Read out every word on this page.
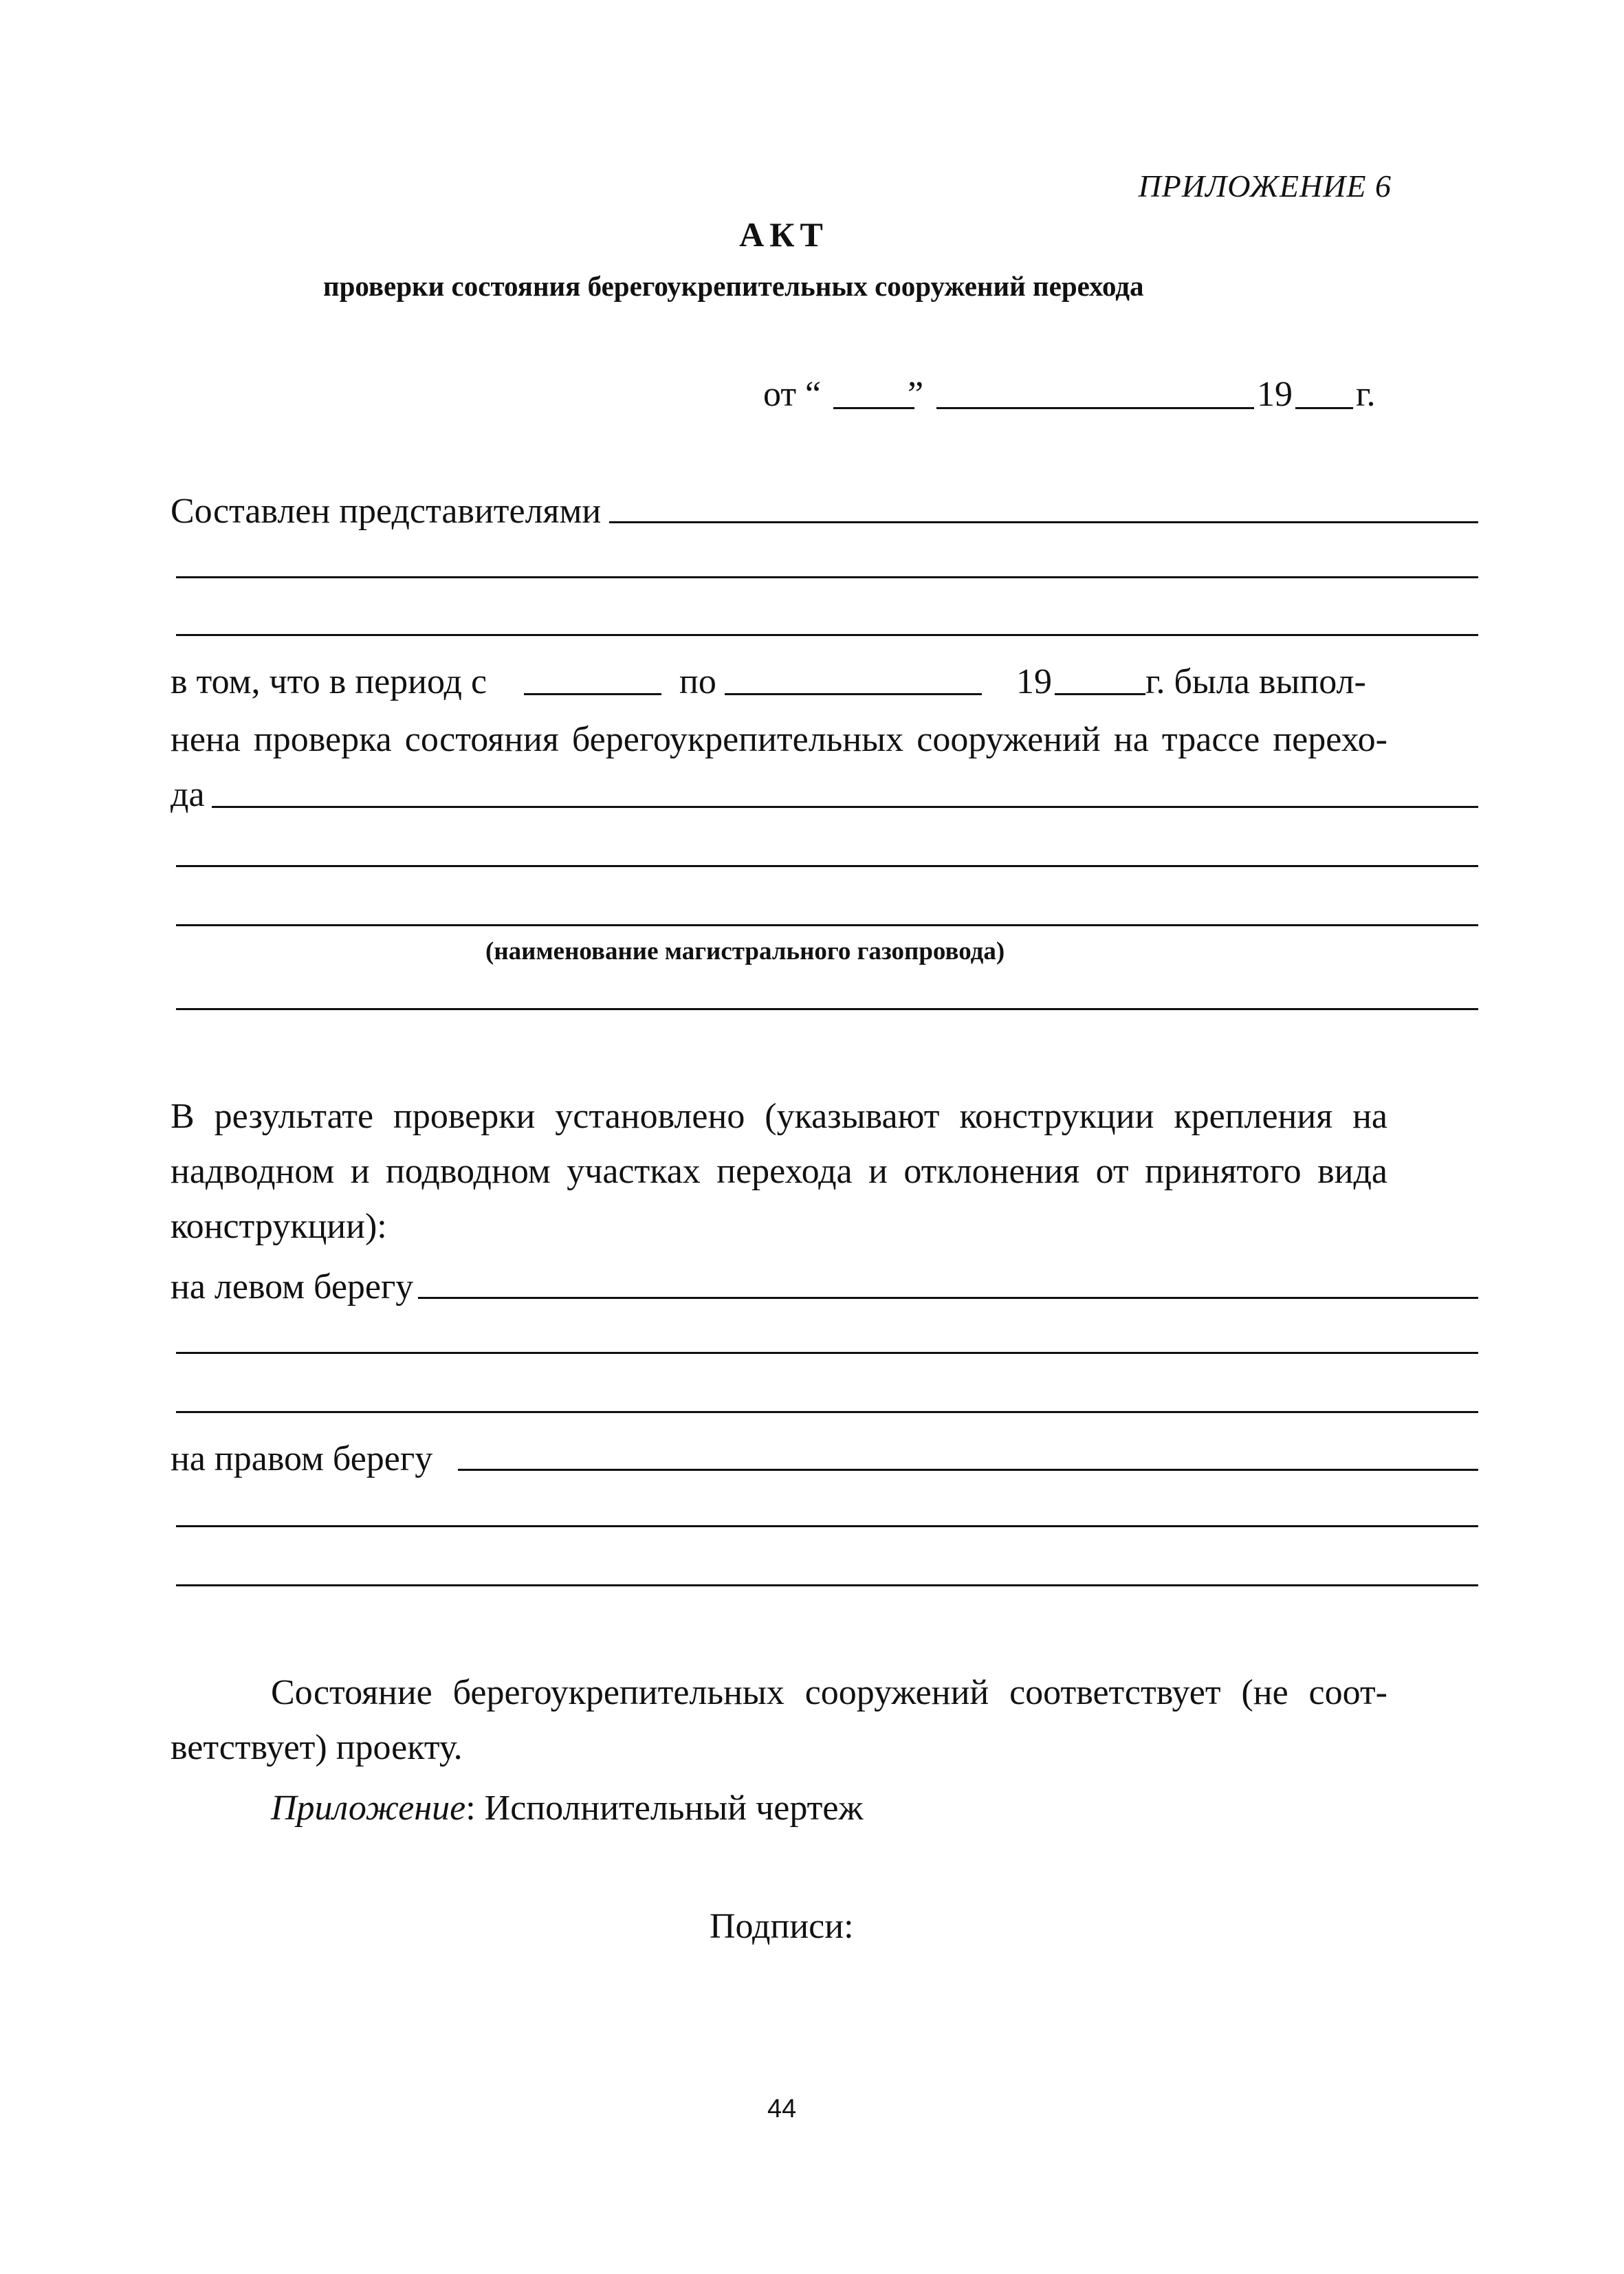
ПРИЛОЖЕНИЕ 6
АКТ
проверки состояния берегоукрепительных сооружений перехода
от “ ”	19 г.
Составлен представителями
в том, что в период с	по	19	г. была выпол-
нена проверка состояния берегоукрепительных сооружений на трассе перехо-
да
(наименование магистрального газопровода)
В результате проверки установлено (указывают конструкции крепления на
надводном и подводном участках перехода и отклонения от принятого вида
конструкции):
на левом берегу
на правом берегу
Состояние берегоукрепительных сооружений соответствует (не соот-
ветствует) проекту.
Приложение: Исполнительный чертеж
Подписи:
44
